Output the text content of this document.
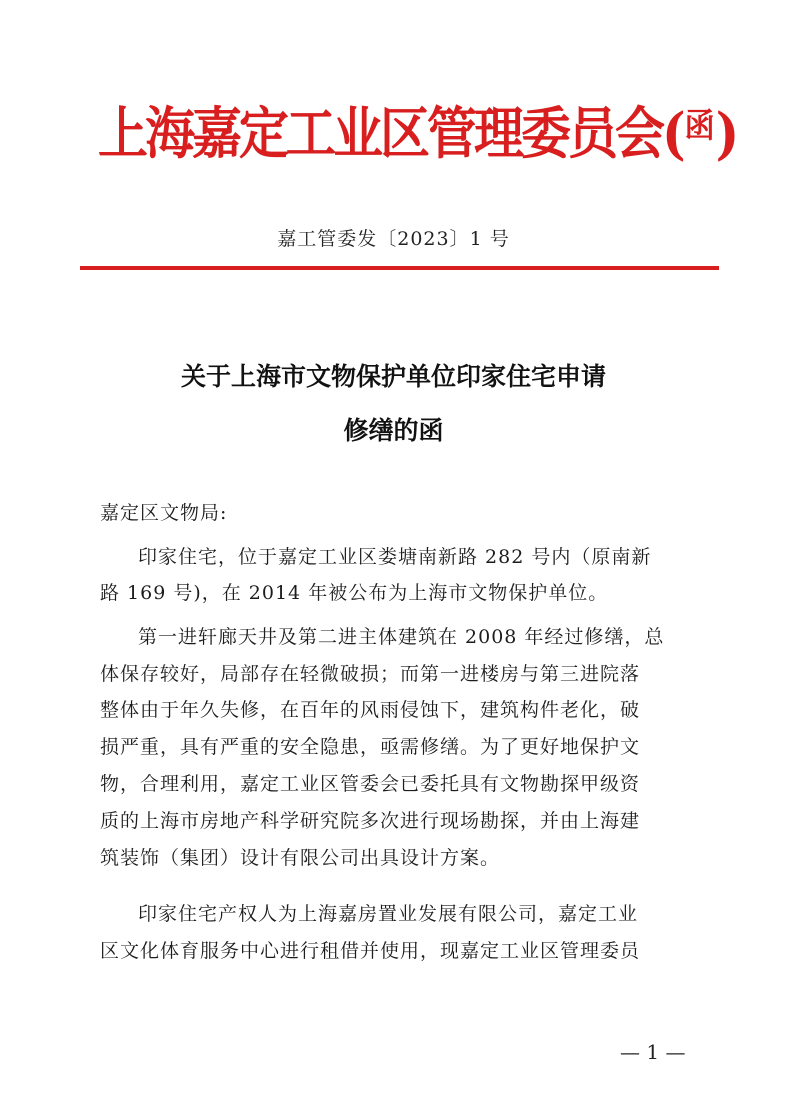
上海嘉定工业区管理委员会($^函$)
嘉工管委发〔2023〕1 号
关于上海市文物保护单位印家住宅申请
修缮的函
嘉定区文物局:
印家住宅，位于嘉定工业区娄塘南新路 282 号内（原南新
路 169 号)，在 2014 年被公布为上海市文物保护单位。
第一进轩廊天井及第二进主体建筑在 2008 年经过修缮，总
体保存较好，局部存在轻微破损；而第一进楼房与第三进院落
整体由于年久失修，在百年的风雨侵蚀下，建筑构件老化，破
损严重，具有严重的安全隐患，亟需修缮。为了更好地保护文
物，合理利用，嘉定工业区管委会已委托具有文物勘探甲级资
质的上海市房地产科学研究院多次进行现场勘探，并由上海建
筑装饰（集团）设计有限公司出具设计方案。
印家住宅产权人为上海嘉房置业发展有限公司，嘉定工业
区文化体育服务中心进行租借并使用，现嘉定工业区管理委员
— 1 —
